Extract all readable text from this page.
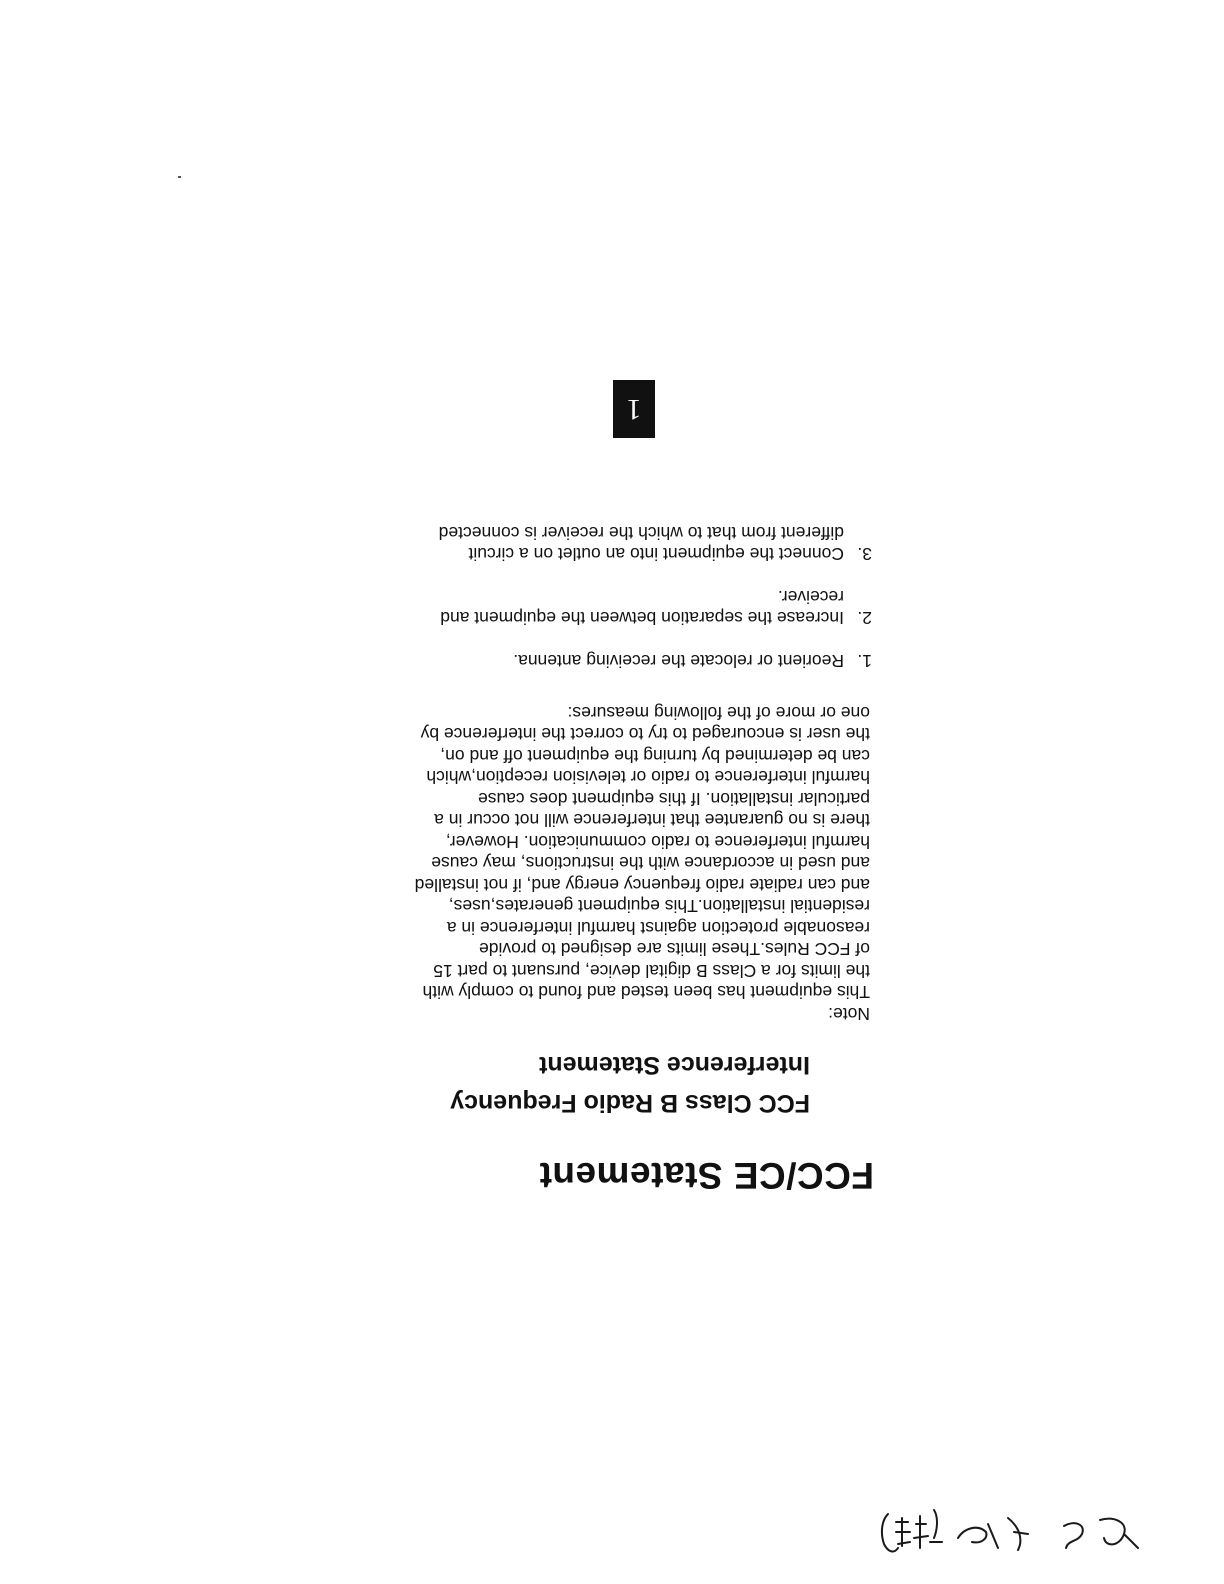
FCC/CE Statement
FCC Class B Radio Frequency
Interference Statement

Note:
This equipment has been tested and found to comply with
the limits for a Class B digital device, pursuant to part 15
of FCC Rules.These limits are designed to provide
reasonable protection against harmful interference in a
residential installation.This equipment generates,uses,
and can radiate radio frequency energy and, if not installed
and used in accordance with the instructions, may cause
harmful interference to radio communication. However,
there is no guarantee that interference will not occur in a
particular installation. If this equipment does cause
harmful interference to radio or television reception,which
can be determined by turning the equipment off and on,
the user is encouraged to try to correct the interference by
one or more of the following measures:

1.
Reorient or relocate the receiving antenna.
2.
Increase the separation between the equipment and
receiver.
3.
Connect the equipment into an outlet on a circuit
different from that to which the receiver is connected
1
